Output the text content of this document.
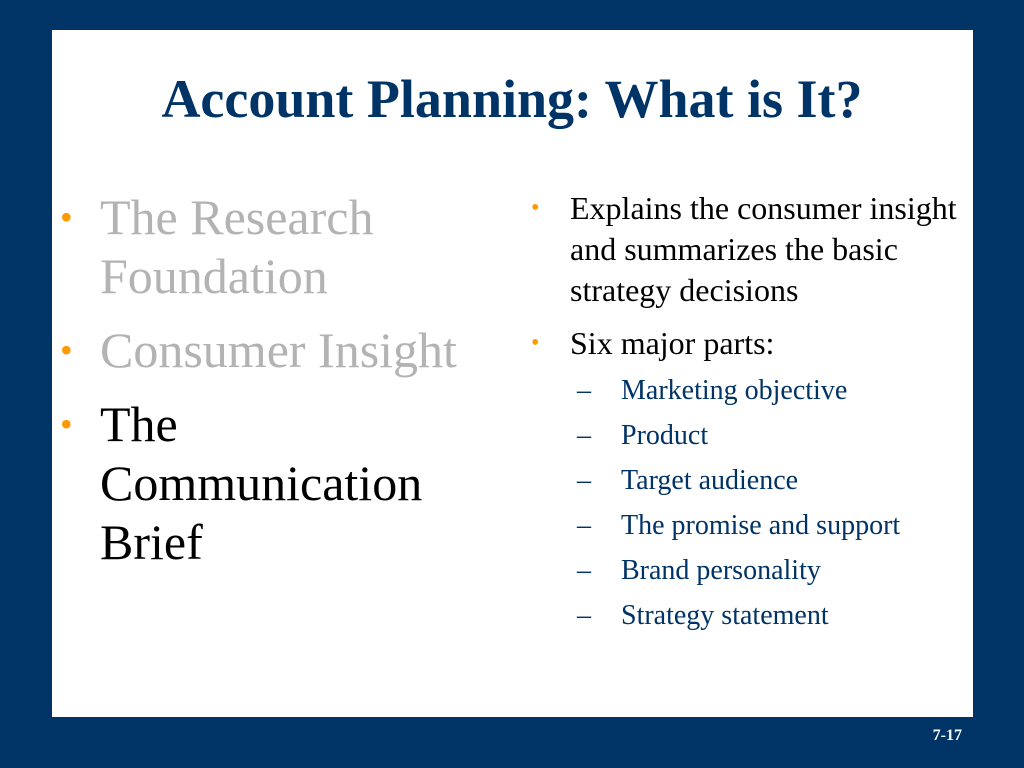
Account Planning: What is It?
• The Research Foundation
• Consumer Insight
• The Communication Brief
• Explains the consumer insight and summarizes the basic strategy decisions
• Six major parts:
– Marketing objective
– Product
– Target audience
– The promise and support
– Brand personality
– Strategy statement
7-17
